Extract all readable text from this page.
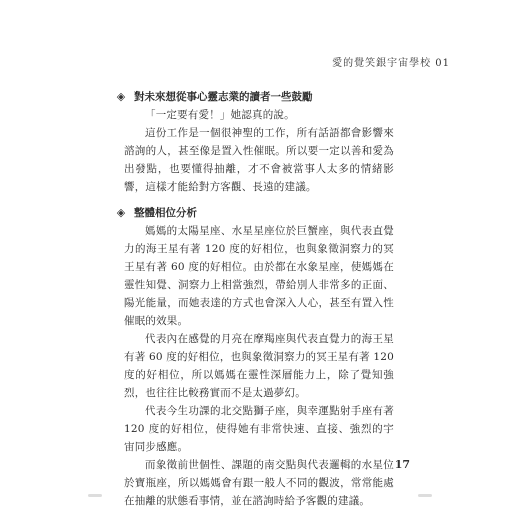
愛的覺笑銀宇宙學校 01
◈ 對未來想從事心靈志業的讀者一些鼓勵

「一定要有愛！」她認真的說。

這份工作是一個很神聖的工作，所有話語都會影響來諮詢的人，甚至像是置入性催眠。所以要一定以善和愛為出發點，也要懂得抽離，才不會被當事人太多的情緒影響，這樣才能給對方客觀、長遠的建議。

◈ 整體相位分析

媽媽的太陽星座、水星星座位於巨蟹座，與代表直覺力的海王星有著 120 度的好相位，也與象徵洞察力的冥王星有著 60 度的好相位。由於都在水象星座，使媽媽在靈性知覺、洞察力上相當強烈，帶給別人非常多的正面、陽光能量，而她表達的方式也會深入人心，甚至有置入性催眠的效果。

代表內在感覺的月亮在摩羯座與代表直覺力的海王星有著 60 度的好相位，也與象徵洞察力的冥王星有著 120 度的好相位，所以媽媽在靈性深層能力上，除了覺知強烈，也往往比較務實而不是太過夢幻。

代表今生功課的北交點獅子座，與幸運點射手座有著 120 度的好相位，使得她有非常快速、直接、強烈的宇宙同步感應。

而象徵前世個性、課題的南交點與代表邏輯的水星位於寶瓶座，所以媽媽會有跟一般人不同的觀波，常常能處在抽離的狀態看事情，並在諮詢時給予客觀的建議。

17
